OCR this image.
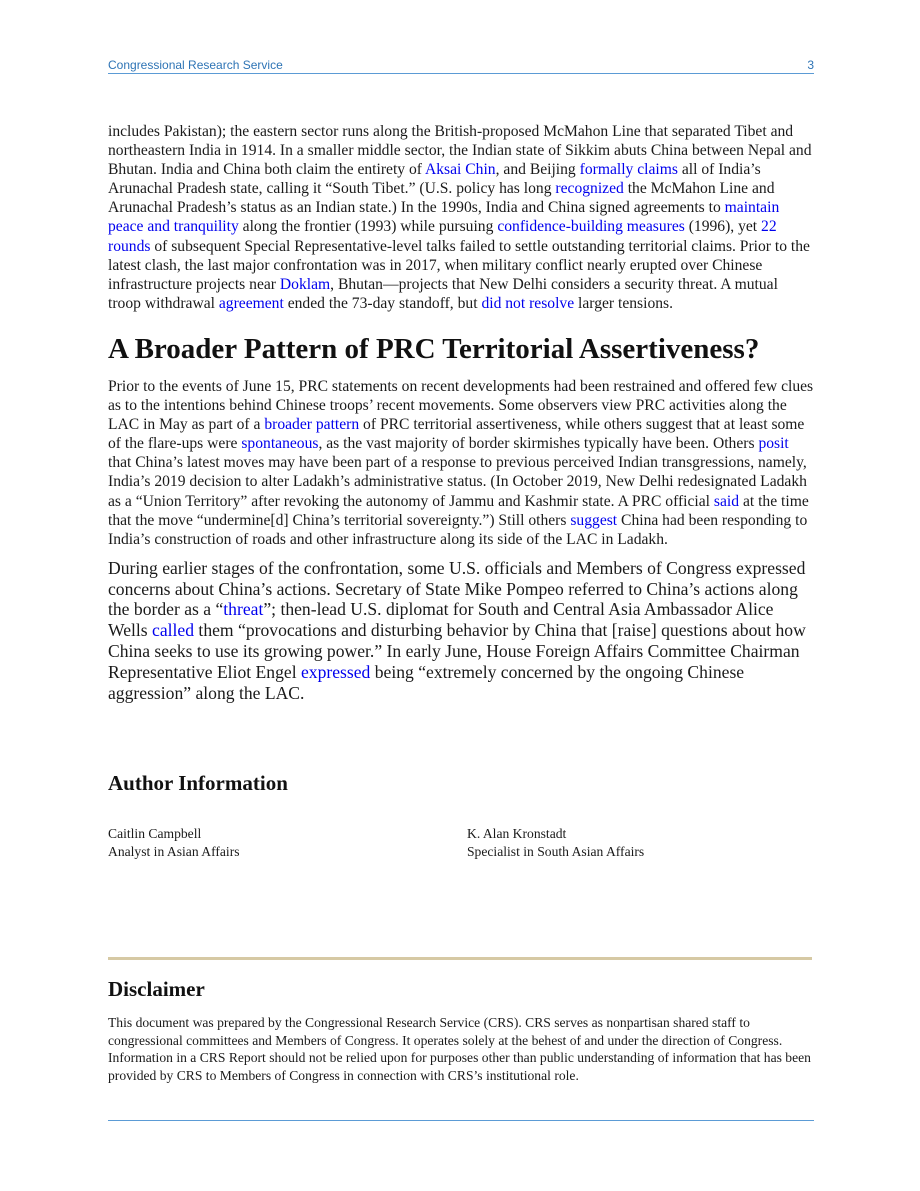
Congressional Research Service	3

includes Pakistan); the eastern sector runs along the British-proposed McMahon Line that separated Tibet and northeastern India in 1914. In a smaller middle sector, the Indian state of Sikkim abuts China between Nepal and Bhutan. India and China both claim the entirety of Aksai Chin, and Beijing formally claims all of India’s Arunachal Pradesh state, calling it “South Tibet.” (U.S. policy has long recognized the McMahon Line and Arunachal Pradesh’s status as an Indian state.) In the 1990s, India and China signed agreements to maintain peace and tranquility along the frontier (1993) while pursuing confidence-building measures (1996), yet 22 rounds of subsequent Special Representative-level talks failed to settle outstanding territorial claims. Prior to the latest clash, the last major confrontation was in 2017, when military conflict nearly erupted over Chinese infrastructure projects near Doklam, Bhutan—projects that New Delhi considers a security threat. A mutual troop withdrawal agreement ended the 73-day standoff, but did not resolve larger tensions.

A Broader Pattern of PRC Territorial Assertiveness?

Prior to the events of June 15, PRC statements on recent developments had been restrained and offered few clues as to the intentions behind Chinese troops’ recent movements. Some observers view PRC activities along the LAC in May as part of a broader pattern of PRC territorial assertiveness, while others suggest that at least some of the flare-ups were spontaneous, as the vast majority of border skirmishes typically have been. Others posit that China’s latest moves may have been part of a response to previous perceived Indian transgressions, namely, India’s 2019 decision to alter Ladakh’s administrative status. (In October 2019, New Delhi redesignated Ladakh as a “Union Territory” after revoking the autonomy of Jammu and Kashmir state. A PRC official said at the time that the move “undermine[d] China’s territorial sovereignty.”) Still others suggest China had been responding to India’s construction of roads and other infrastructure along its side of the LAC in Ladakh.

During earlier stages of the confrontation, some U.S. officials and Members of Congress expressed concerns about China’s actions. Secretary of State Mike Pompeo referred to China’s actions along the border as a “threat”; then-lead U.S. diplomat for South and Central Asia Ambassador Alice Wells called them “provocations and disturbing behavior by China that [raise] questions about how China seeks to use its growing power.” In early June, House Foreign Affairs Committee Chairman Representative Eliot Engel expressed being “extremely concerned by the ongoing Chinese aggression” along the LAC.

Author Information
Caitlin Campbell
Analyst in Asian Affairs
K. Alan Kronstadt
Specialist in South Asian Affairs
Disclaimer

This document was prepared by the Congressional Research Service (CRS). CRS serves as nonpartisan shared staff to congressional committees and Members of Congress. It operates solely at the behest of and under the direction of Congress. Information in a CRS Report should not be relied upon for purposes other than public understanding of information that has been provided by CRS to Members of Congress in connection with CRS’s institutional role.
